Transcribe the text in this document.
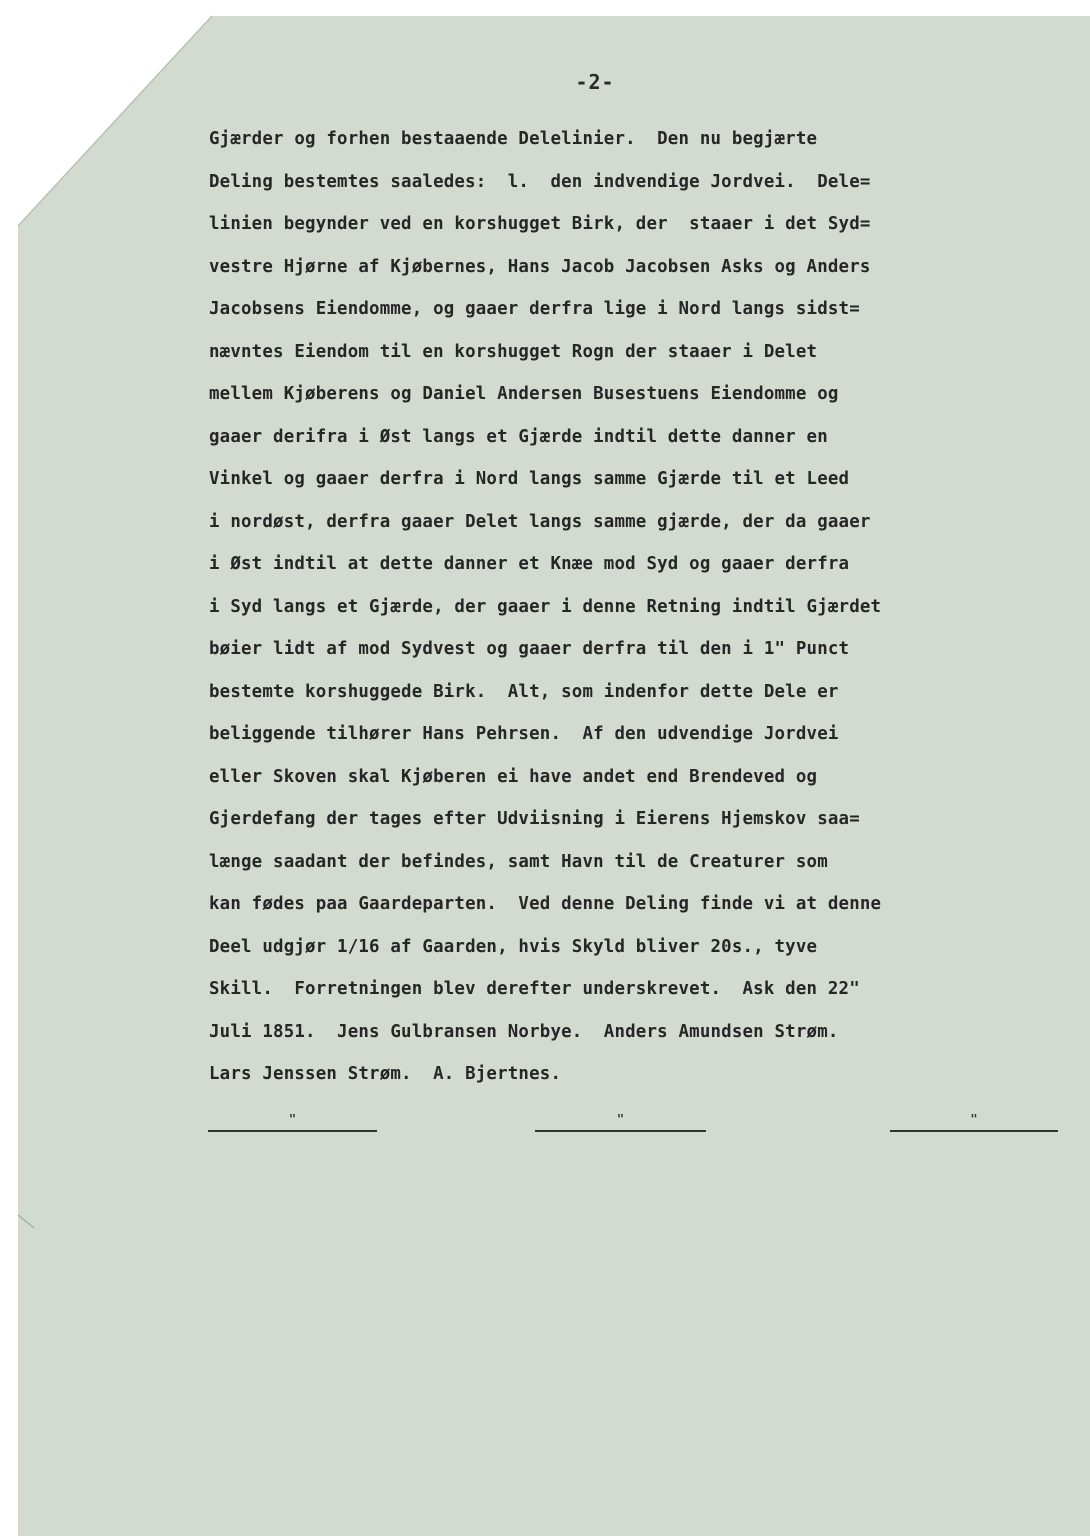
-2-
Gjærder og forhen bestaaende Delelinier.  Den nu begjærte
Deling bestemtes saaledes:  l.  den indvendige Jordvei.  Dele=
linien begynder ved en korshugget Birk, der  staaer i det Syd=
vestre Hjørne af Kjøbernes, Hans Jacob Jacobsen Asks og Anders
Jacobsens Eiendomme, og gaaer derfra lige i Nord langs sidst=
nævntes Eiendom til en korshugget Rogn der staaer i Delet
mellem Kjøberens og Daniel Andersen Busestuens Eiendomme og
gaaer derifra i Øst langs et Gjærde indtil dette danner en
Vinkel og gaaer derfra i Nord langs samme Gjærde til et Leed
i nordøst, derfra gaaer Delet langs samme gjærde, der da gaaer
i Øst indtil at dette danner et Knæe mod Syd og gaaer derfra
i Syd langs et Gjærde, der gaaer i denne Retning indtil Gjærdet
bøier lidt af mod Sydvest og gaaer derfra til den i 1" Punct
bestemte korshuggede Birk.  Alt, som indenfor dette Dele er
beliggende tilhører Hans Pehrsen.  Af den udvendige Jordvei
eller Skoven skal Kjøberen ei have andet end Brendeved og
Gjerdefang der tages efter Udviisning i Eierens Hjemskov saa=
længe saadant der befindes, samt Havn til de Creaturer som
kan fødes paa Gaardeparten.  Ved denne Deling finde vi at denne
Deel udgjør 1/16 af Gaarden, hvis Skyld bliver 20s., tyve
Skill.  Forretningen blev derefter underskrevet.  Ask den 22"
Juli 1851.  Jens Gulbransen Norbye.  Anders Amundsen Strøm.
Lars Jenssen Strøm.  A. Bjertnes.
"	"	"
